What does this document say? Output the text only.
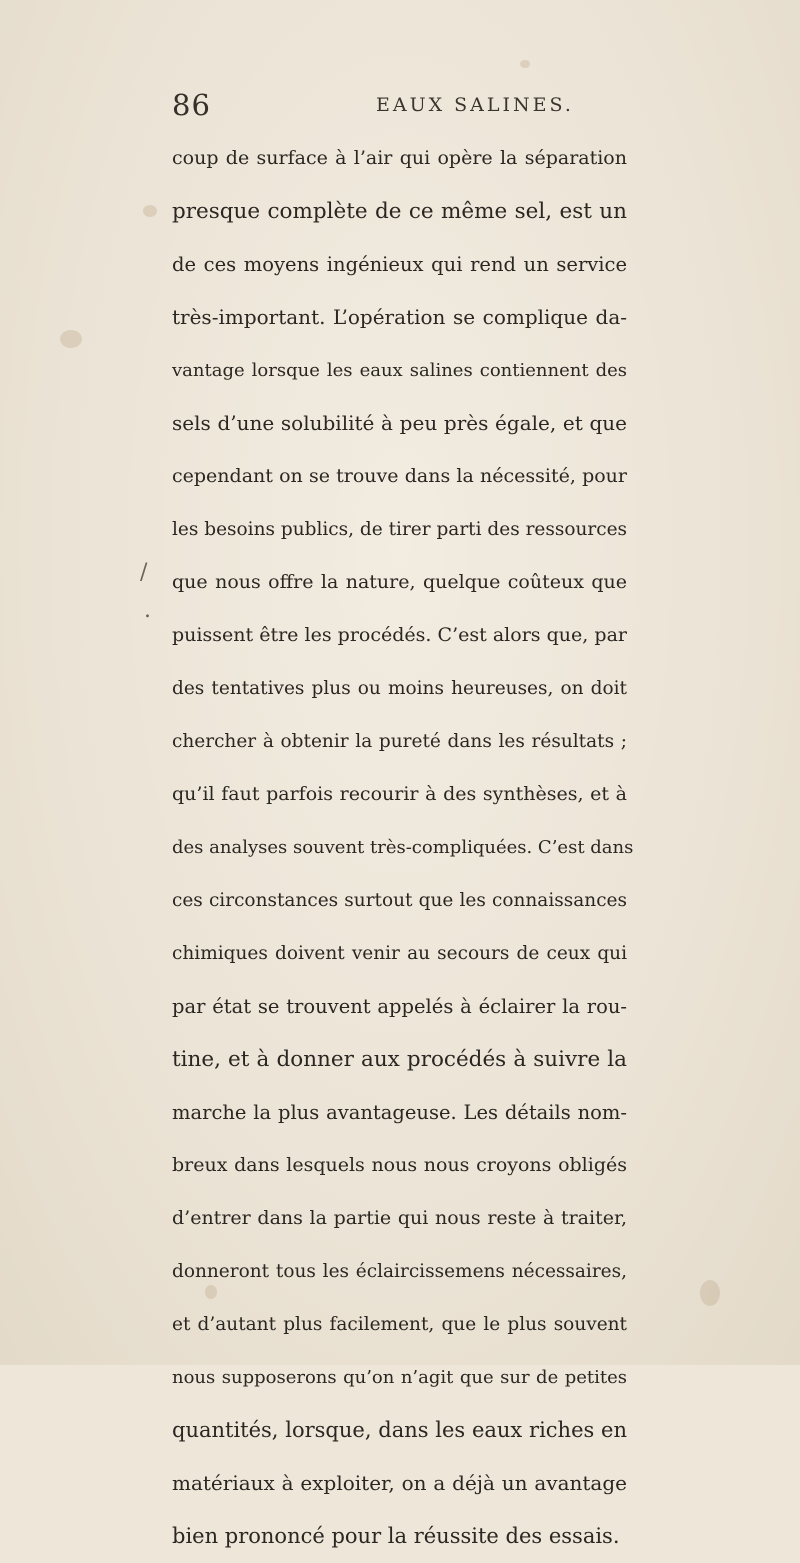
86	EAUX SALINES.
/
.
coup de surface à l’air qui opère la séparation
presque complète de ce même sel, est un
de ces moyens ingénieux qui rend un service
très-important. L’opération se complique da-
vantage lorsque les eaux salines contiennent des
sels d’une solubilité à peu près égale, et que
cependant on se trouve dans la nécessité, pour
les besoins publics, de tirer parti des ressources
que nous offre la nature, quelque coûteux que
puissent être les procédés. C’est alors que, par
des tentatives plus ou moins heureuses, on doit
chercher à obtenir la pureté dans les résultats ;
qu’il faut parfois recourir à des synthèses, et à
des analyses souvent très-compliquées. C’est dans
ces circonstances surtout que les connaissances
chimiques doivent venir au secours de ceux qui
par état se trouvent appelés à éclairer la rou-
tine, et à donner aux procédés à suivre la
marche la plus avantageuse. Les détails nom-
breux dans lesquels nous nous croyons obligés
d’entrer dans la partie qui nous reste à traiter,
donneront tous les éclaircissemens nécessaires,
et d’autant plus facilement, que le plus souvent
nous supposerons qu’on n’agit que sur de petites
quantités, lorsque, dans les eaux riches en
matériaux à exploiter, on a déjà un avantage
bien prononcé pour la réussite des essais.
